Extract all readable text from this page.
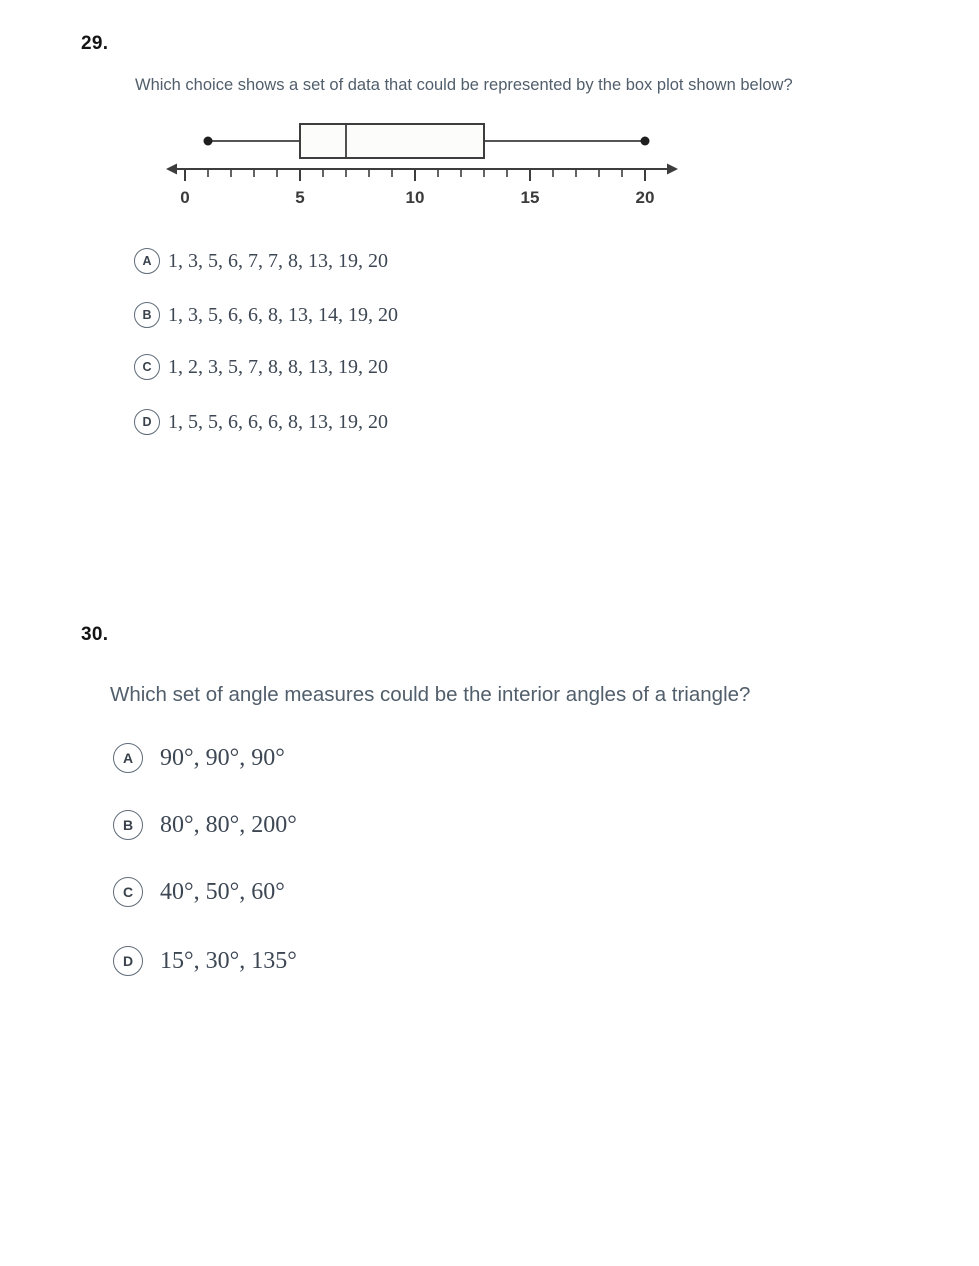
29.
Which choice shows a set of data that could be represented by the box plot shown below?
0	5	10	15	20
A 1, 3, 5, 6, 7, 7, 8, 13, 19, 20
B 1, 3, 5, 6, 6, 8, 13, 14, 19, 20
C 1, 2, 3, 5, 7, 8, 8, 13, 19, 20
D 1, 5, 5, 6, 6, 6, 8, 13, 19, 20
30.
Which set of angle measures could be the interior angles of a triangle?
A	90°, 90°, 90°
B	80°, 80°, 200°
C	40°, 50°, 60°
D	15°, 30°, 135°
